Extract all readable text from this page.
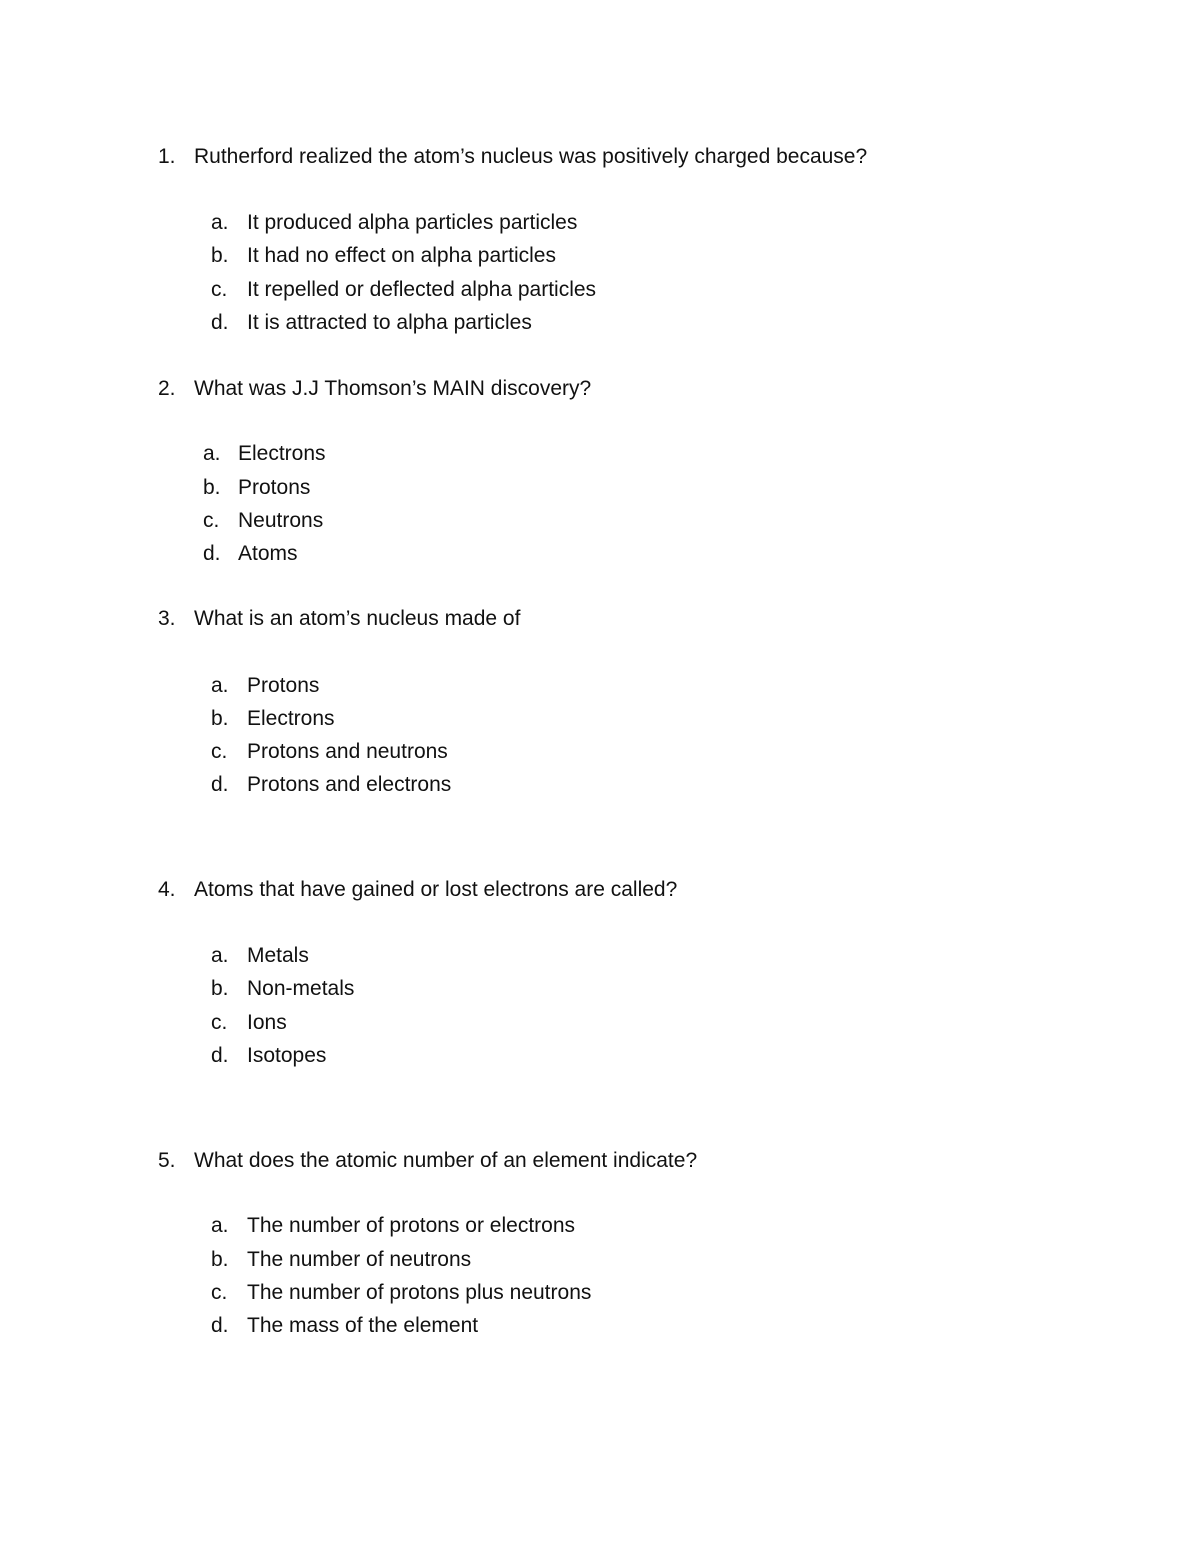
1. Rutherford realized the atom’s nucleus was positively charged because?
a. It produced alpha particles particles
b. It had no effect on alpha particles
c. It repelled or deflected alpha particles
d. It is attracted to alpha particles
2. What was J.J Thomson’s MAIN discovery?
a. Electrons
b. Protons
c. Neutrons
d. Atoms
3. What is an atom’s nucleus made of
a. Protons
b. Electrons
c. Protons and neutrons
d. Protons and electrons
4. Atoms that have gained or lost electrons are called?
a. Metals
b. Non-metals
c. Ions
d. Isotopes
5. What does the atomic number of an element indicate?
a. The number of protons or electrons
b. The number of neutrons
c. The number of protons plus neutrons
d. The mass of the element
